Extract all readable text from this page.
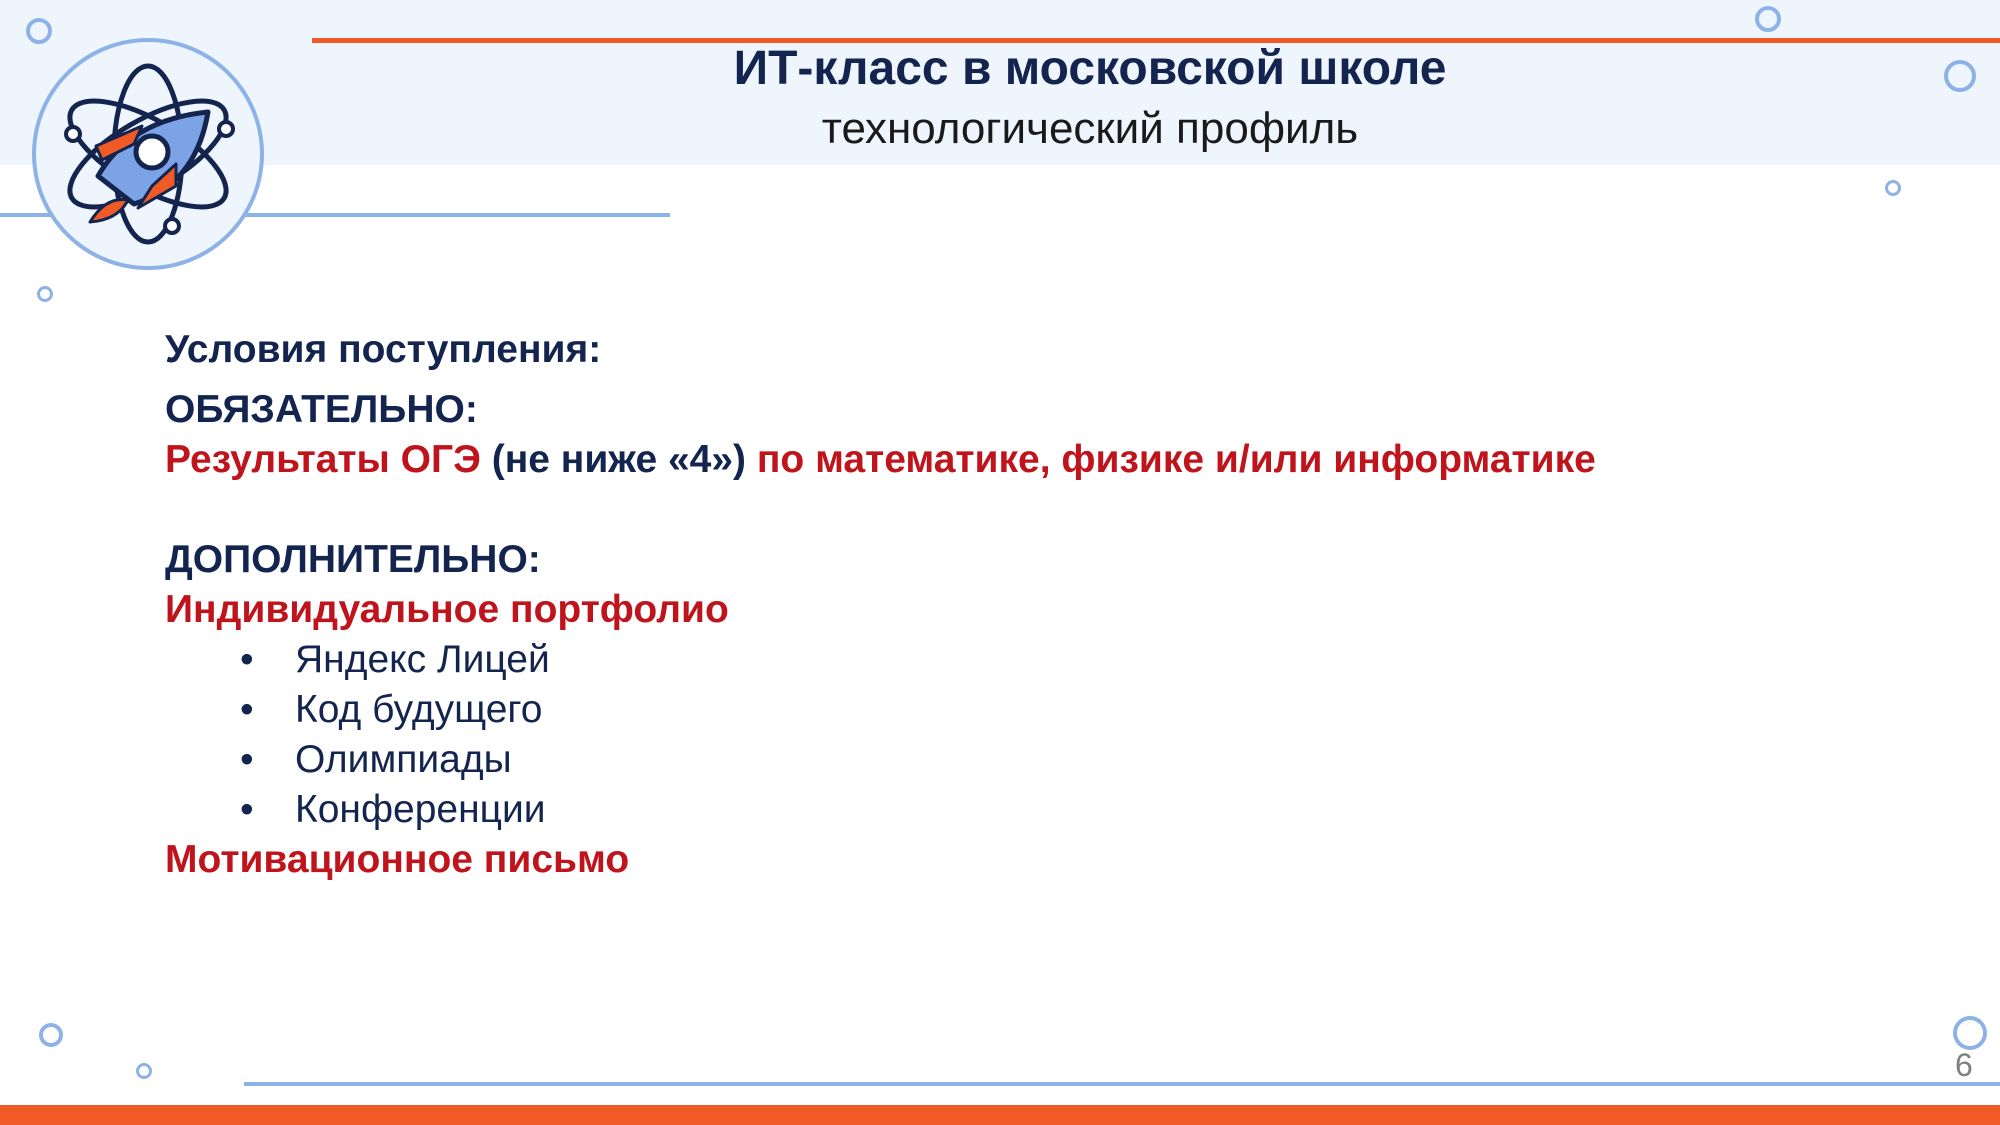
ИТ-класс в московской школе
технологический профиль
Условия поступления:
ОБЯЗАТЕЛЬНО:
Результаты ОГЭ (не ниже «4») по математике, физике и/или информатике
ДОПОЛНИТЕЛЬНО:
Индивидуальное портфолио
• Яндекс Лицей
• Код будущего
• Олимпиады
• Конференции
Мотивационное письмо
6
